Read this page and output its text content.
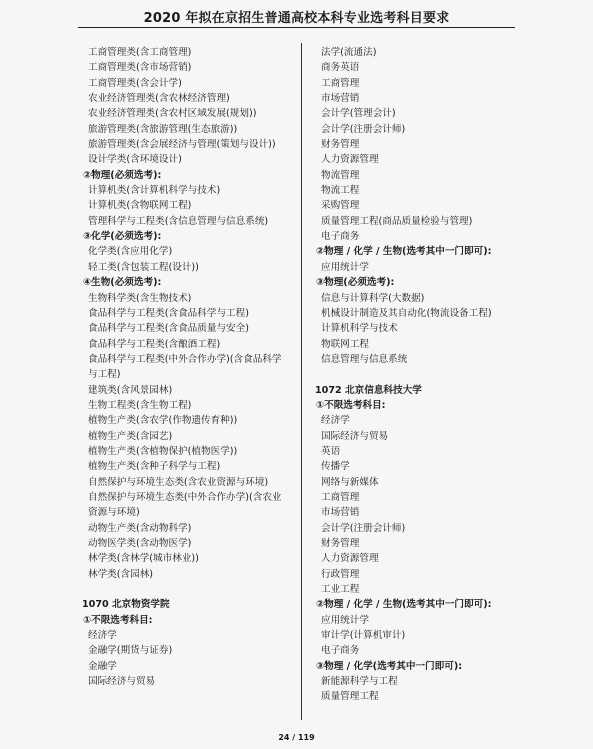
2020 年拟在京招生普通高校本科专业选考科目要求
工商管理类(含工商管理)
工商管理类(含市场营销)
工商管理类(含会计学)
农业经济管理类(含农林经济管理)
农业经济管理类(含农村区域发展(规划))
旅游管理类(含旅游管理(生态旅游))
旅游管理类(含会展经济与管理(策划与设计))
设计学类(含环境设计)
②物理(必须选考):
计算机类(含计算机科学与技术)
计算机类(含物联网工程)
管理科学与工程类(含信息管理与信息系统)
③化学(必须选考):
化学类(含应用化学)
轻工类(含包装工程(设计))
④生物(必须选考):
生物科学类(含生物技术)
食品科学与工程类(含食品科学与工程)
食品科学与工程类(含食品质量与安全)
食品科学与工程类(含酿酒工程)
食品科学与工程类(中外合作办学)(含食品科学与工程)
建筑类(含风景园林)
生物工程类(含生物工程)
植物生产类(含农学(作物遗传育种))
植物生产类(含园艺)
植物生产类(含植物保护(植物医学))
植物生产类(含种子科学与工程)
自然保护与环境生态类(含农业资源与环境)
自然保护与环境生态类(中外合作办学)(含农业资源与环境)
动物生产类(含动物科学)
动物医学类(含动物医学)
林学类(含林学(城市林业))
林学类(含园林)
1070 北京物资学院
①不限选考科目:
经济学
金融学(期货与证券)
金融学
国际经济与贸易
法学(流通法)
商务英语
工商管理
市场营销
会计学(管理会计)
会计学(注册会计师)
财务管理
人力资源管理
物流管理
物流工程
采购管理
质量管理工程(商品质量检验与管理)
电子商务
②物理 / 化学 / 生物(选考其中一门即可):
应用统计学
③物理(必须选考):
信息与计算科学(大数据)
机械设计制造及其自动化(物流设备工程)
计算机科学与技术
物联网工程
信息管理与信息系统
1072 北京信息科技大学
①不限选考科目:
经济学
国际经济与贸易
英语
传播学
网络与新媒体
工商管理
市场营销
会计学(注册会计师)
财务管理
人力资源管理
行政管理
工业工程
②物理 / 化学 / 生物(选考其中一门即可):
应用统计学
审计学(计算机审计)
电子商务
③物理 / 化学(选考其中一门即可):
新能源科学与工程
质量管理工程
24 / 119
